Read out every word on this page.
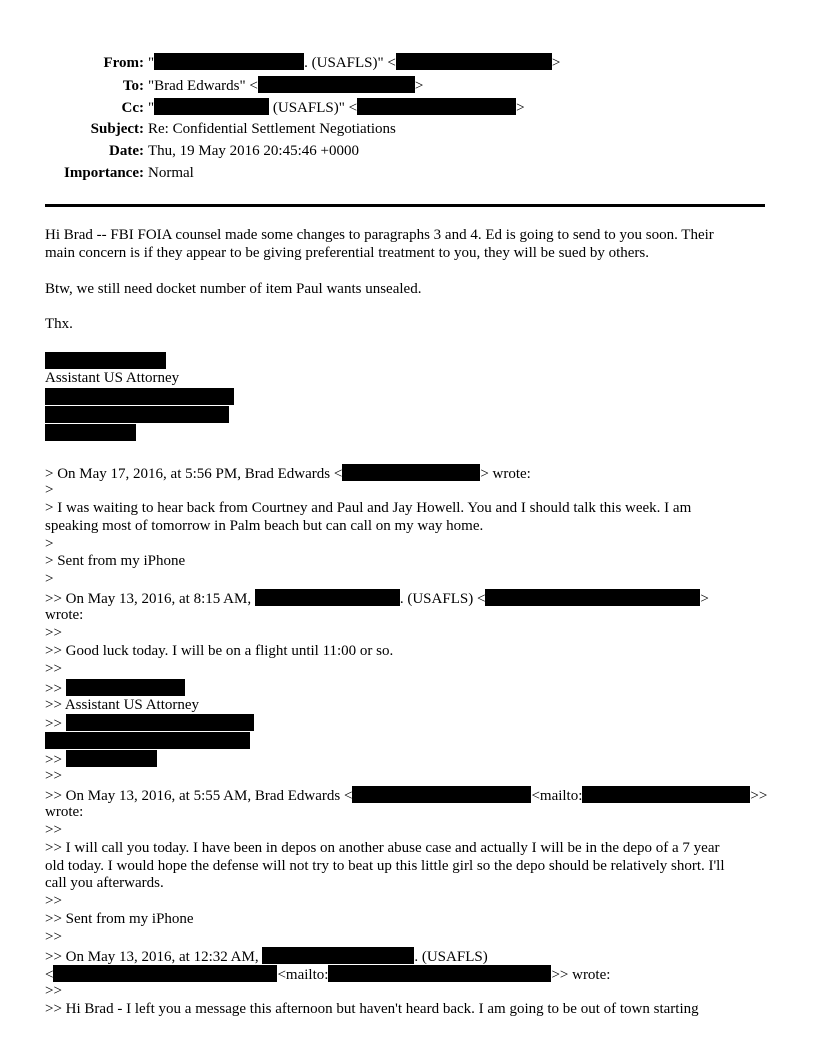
From: "	. (USAFLS)" <	>
To: "Brad Edwards" <	>
Cc: "	(USAFLS)" <	>
Subject: Re: Confidential Settlement Negotiations
Date: Thu, 19 May 2016 20:45:46 +0000
Importance: Normal
Hi Brad -- FBI FOIA counsel made some changes to paragraphs 3 and 4. Ed is going to send to you soon. Their
main concern is if they appear to be giving preferential treatment to you, they will be sued by others.
Btw, we still need docket number of item Paul wants unsealed.
Thx.
Assistant US Attorney
> On May 17, 2016, at 5:56 PM, Brad Edwards <	> wrote:
>
> I was waiting to hear back from Courtney and Paul and Jay Howell. You and I should talk this week. I am
speaking most of tomorrow in Palm beach but can call on my way home.
>
> Sent from my iPhone
>
>> On May 13, 2016, at 8:15 AM,	. (USAFLS) <	>
wrote:
>>
>> Good luck today. I will be on a flight until 11:00 or so.
>>
>>
>> Assistant US Attorney
>>
>>
>>
>> On May 13, 2016, at 5:55 AM, Brad Edwards <	<mailto:	>>
wrote:
>>
>> I will call you today. I have been in depos on another abuse case and actually I will be in the depo of a 7 year
old today. I would hope the defense will not try to beat up this little girl so the depo should be relatively short. I'll
call you afterwards.
>>
>> Sent from my iPhone
>>
>> On May 13, 2016, at 12:32 AM,	. (USAFLS)
<	<mailto:	>> wrote:
>>
>> Hi Brad - I left you a message this afternoon but haven't heard back. I am going to be out of town starting
